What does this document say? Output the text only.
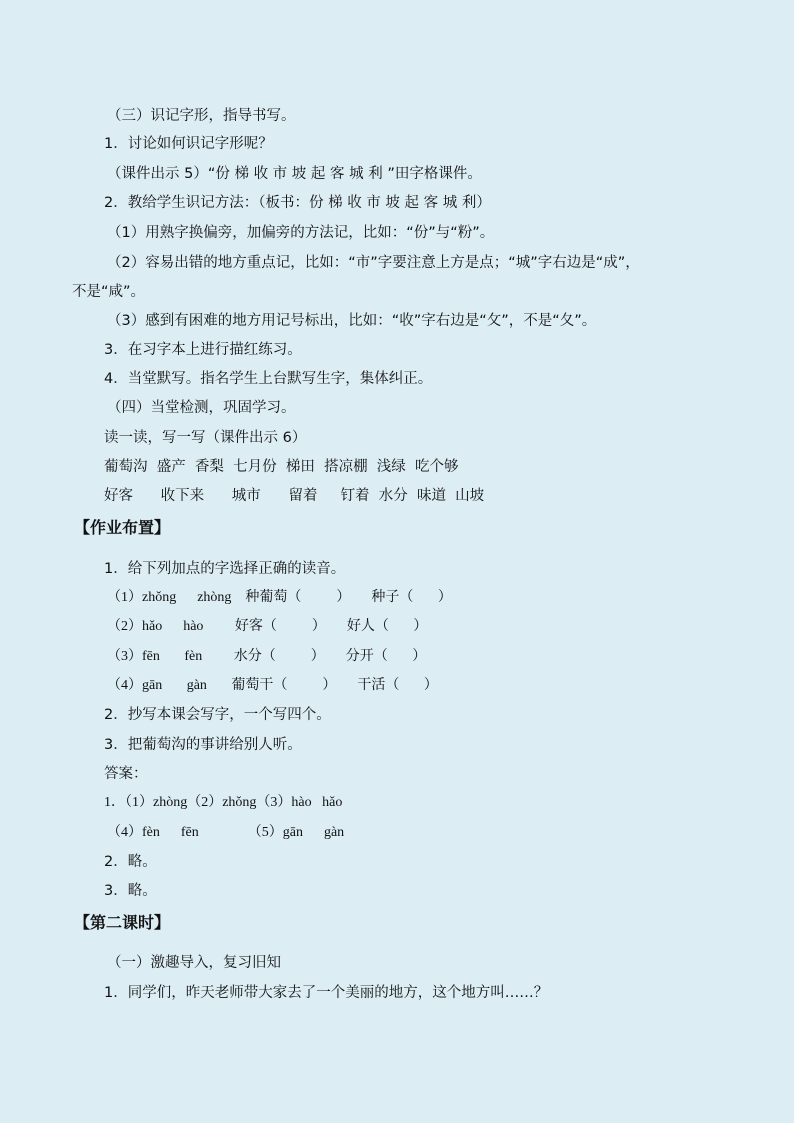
（三）识记字形，指导书写。
1．讨论如何识记字形呢？
（课件出示 5）“份 梯 收 市 坡 起 客 城 利 ”田字格课件。
2．教给学生识记方法：（板书：份 梯 收 市 坡 起 客 城 利）
（1）用熟字换偏旁，加偏旁的方法记，比如：“份”与“粉”。
（2）容易出错的地方重点记，比如：“市”字要注意上方是点；“城”字右边是“成”，
不是“咸”。
（3）感到有困难的地方用记号标出，比如：“收”字右边是“攵”，不是“夂”。
3．在习字本上进行描红练习。
4．当堂默写。指名学生上台默写生字，集体纠正。
（四）当堂检测，巩固学习。
读一读，写一写（课件出示 6）
葡萄沟  盛产  香梨  七月份  梯田  搭凉棚  浅绿  吃个够
好客      收下来      城市      留着     钉着  水分  味道  山坡
【作业布置】
1．给下列加点的字选择正确的读音。
（1）zhǒng      zhòng    种葡萄（          ）      种子（       ）
（2）hǎo      hào         好客（          ）      好人（       ）
（3）fēn       fèn         水分（          ）      分开（       ）
（4）gān       gàn       葡萄干（          ）      干活（       ）
2．抄写本课会写字，一个写四个。
3．把葡萄沟的事讲给别人听。
答案：
1．（1）zhòng（2）zhǒng（3）hào   hǎo
（4）fèn      fēn              （5）gān      gàn
2．略。
3．略。
【第二课时】
（一）激趣导入，复习旧知
1．同学们，昨天老师带大家去了一个美丽的地方，这个地方叫……？
